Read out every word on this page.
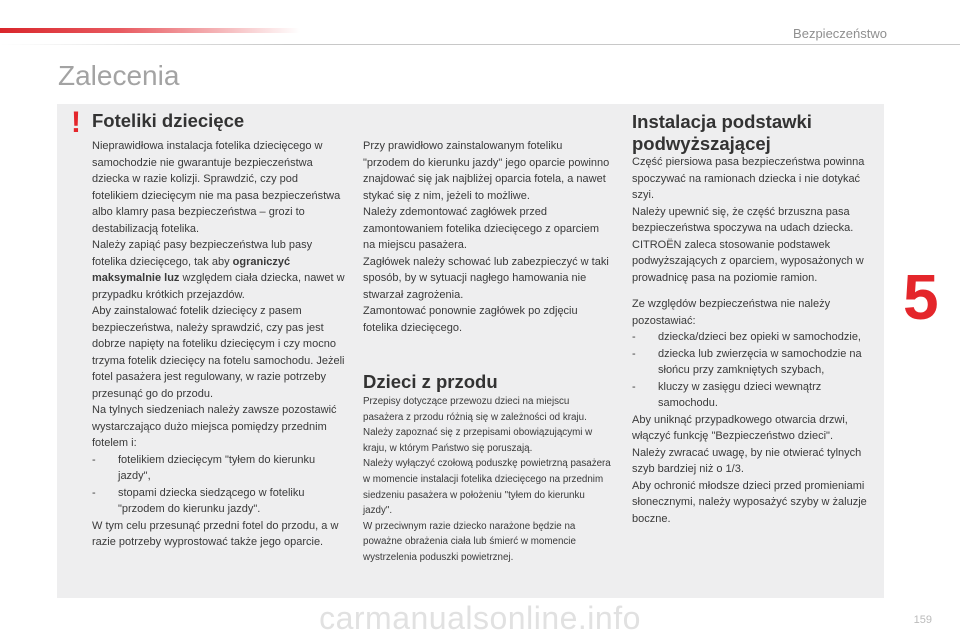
Bezpieczeństwo
Zalecenia
!
5
Foteliki dziecięce

Nieprawidłowa instalacja fotelika dziecięcego w samochodzie nie gwarantuje bezpieczeństwa dziecka w razie kolizji. Sprawdzić, czy pod fotelikiem dziecięcym nie ma pasa bezpieczeństwa albo klamry pasa bezpieczeństwa – grozi to destabilizacją fotelika.

Należy zapiąć pasy bezpieczeństwa lub pasy fotelika dziecięcego, tak aby ograniczyć maksymalnie luz względem ciała dziecka, nawet w przypadku krótkich przejazdów.

Aby zainstalować fotelik dziecięcy z pasem bezpieczeństwa, należy sprawdzić, czy pas jest dobrze napięty na foteliku dziecięcym i czy mocno trzyma fotelik dziecięcy na fotelu samochodu. Jeżeli fotel pasażera jest regulowany, w razie potrzeby przesunąć go do przodu.

Na tylnych siedzeniach należy zawsze pozostawić wystarczająco dużo miejsca pomiędzy przednim fotelem i:

- fotelikiem dziecięcym "tyłem do kierunku jazdy",
- stopami dziecka siedzącego w foteliku "przodem do kierunku jazdy".

W tym celu przesunąć przedni fotel do przodu, a w razie potrzeby wyprostować także jego oparcie.

Przy prawidłowo zainstalowanym foteliku "przodem do kierunku jazdy" jego oparcie powinno znajdować się jak najbliżej oparcia fotela, a nawet stykać się z nim, jeżeli to możliwe.

Należy zdemontować zagłówek przed zamontowaniem fotelika dziecięcego z oparciem na miejscu pasażera.

Zagłówek należy schować lub zabezpieczyć w taki sposób, by w sytuacji nagłego hamowania nie stwarzał zagrożenia.

Zamontować ponownie zagłówek po zdjęciu fotelika dziecięcego.

Dzieci z przodu

Przepisy dotyczące przewozu dzieci na miejscu pasażera z przodu różnią się w zależności od kraju. Należy zapoznać się z przepisami obowiązującymi w kraju, w którym Państwo się poruszają.

Należy wyłączyć czołową poduszkę powietrzną pasażera w momencie instalacji fotelika dziecięcego na przednim siedzeniu pasażera w położeniu "tyłem do kierunku jazdy".

W przeciwnym razie dziecko narażone będzie na poważne obrażenia ciała lub śmierć w momencie wystrzelenia poduszki powietrznej.

Instalacja podstawki podwyższającej

Część piersiowa pasa bezpieczeństwa powinna spoczywać na ramionach dziecka i nie dotykać szyi.

Należy upewnić się, że część brzuszna pasa bezpieczeństwa spoczywa na udach dziecka.

CITROËN zaleca stosowanie podstawek podwyższających z oparciem, wyposażonych w prowadnicę pasa na poziomie ramion.

Ze względów bezpieczeństwa nie należy pozostawiać:

- dziecka/dzieci bez opieki w samochodzie,
- dziecka lub zwierzęcia w samochodzie na słońcu przy zamkniętych szybach,
- kluczy w zasięgu dzieci wewnątrz samochodu.

Aby uniknąć przypadkowego otwarcia drzwi, włączyć funkcję "Bezpieczeństwo dzieci".

Należy zwracać uwagę, by nie otwierać tylnych szyb bardziej niż o 1/3.

Aby ochronić młodsze dzieci przed promieniami słonecznymi, należy wyposażyć szyby w żaluzje boczne.

carmanualsonline.info	159
